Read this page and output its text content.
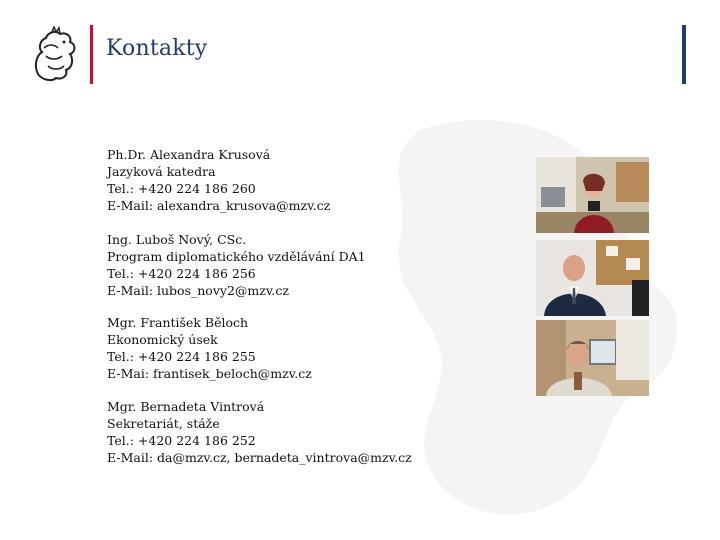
Kontakty
Ph.Dr. Alexandra Krusová
Jazyková katedra
Tel.: +420 224 186 260
E-Mail: alexandra_krusova@mzv.cz
Ing. Luboš Nový, CSc.
Program diplomatického vzdělávání DA1
Tel.: +420 224 186 256
E-Mail: lubos_novy2@mzv.cz
Mgr. František Běloch
Ekonomický úsek
Tel.: +420 224 186 255
E-Mai: frantisek_beloch@mzv.cz
Mgr. Bernadeta Vintrová
Sekretariát, stáže
Tel.: +420 224 186 252
E-Mail: da@mzv.cz, bernadeta_vintrova@mzv.cz
